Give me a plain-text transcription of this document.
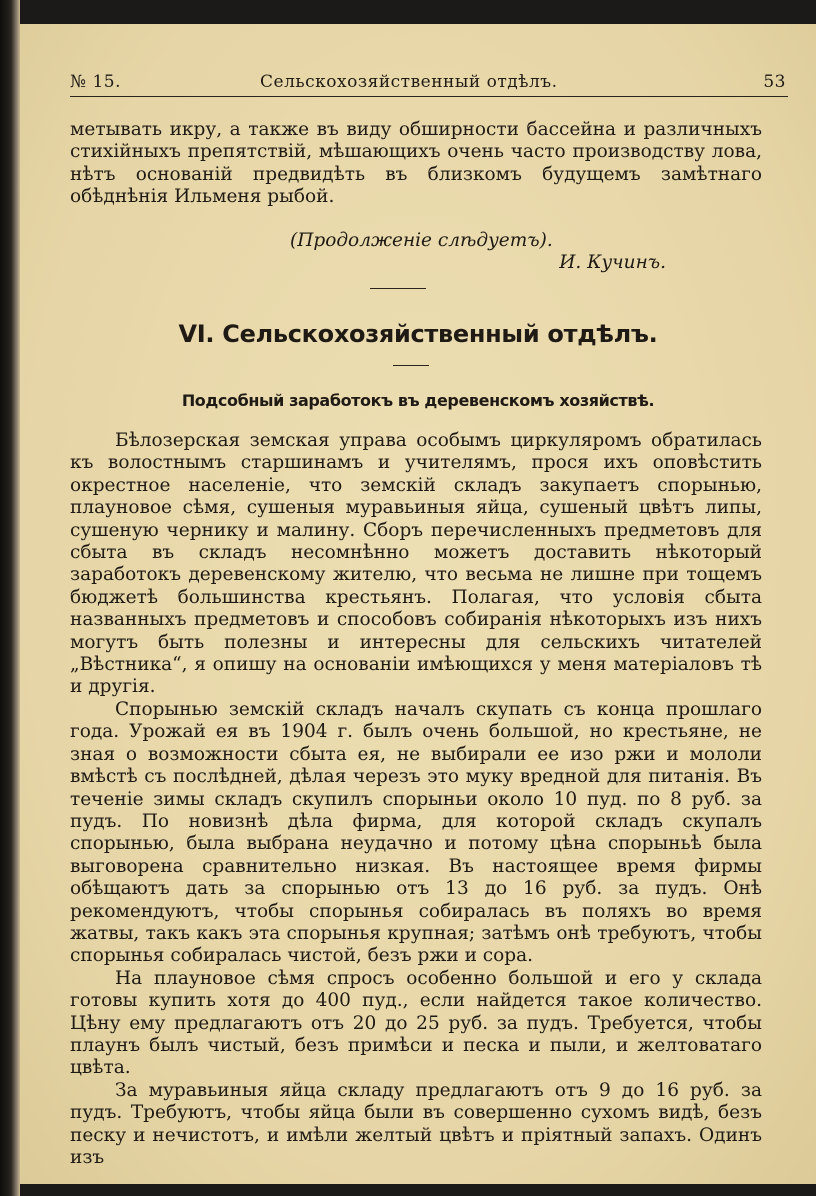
№ 15.	Сельскохозяйственный отдѣлъ.	53

метывать икру, а также въ виду обширности бассейна и различныхъ стихiйныхъ препятствiй, мѣшающихъ очень часто производству лова, нѣтъ основанiй предвидѣть въ близкомъ будущемъ замѣтнаго обѣднѣнiя Ильменя рыбой.

(Продолженiе слѣдуетъ).
И. Кучинъ.
VI. Сельскохозяйственный отдѣлъ.
Подсобный заработокъ въ деревенскомъ хозяйствѣ.

Бѣлозерская земская управа особымъ циркуляромъ обратилась къ волостнымъ старшинамъ и учителямъ, прося ихъ оповѣстить окрестное населенiе, что земскiй складъ закупаетъ спорынью, плауновое сѣмя, сушеныя муравьиныя яйца, сушеный цвѣтъ липы, сушеную чернику и малину. Сборъ перечисленныхъ предметовъ для сбыта въ складъ несомнѣнно можетъ доставить нѣкоторый заработокъ деревенскому жителю, что весьма не лишне при тощемъ бюджетѣ большинства крестьянъ. Полагая, что условiя сбыта названныхъ предметовъ и способовъ собиранiя нѣкоторыхъ изъ нихъ могутъ быть полезны и интересны для сельскихъ читателей „Вѣстника“, я опишу на основанiи имѣющихся у меня матерiаловъ тѣ и другiя.

Спорынью земскiй складъ началъ скупать съ конца прошлаго года. Урожай ея въ 1904 г. былъ очень большой, но крестьяне, не зная о возможности сбыта ея, не выбирали ее изо ржи и мололи вмѣстѣ съ послѣдней, дѣлая черезъ это муку вредной для питанiя. Въ теченiе зимы складъ скупилъ спорыньи около 10 пуд. по 8 руб. за пудъ. По новизнѣ дѣла фирма, для которой складъ скупалъ спорынью, была выбрана неудачно и потому цѣна спорыньѣ была выговорена сравнительно низкая. Въ настоящее время фирмы обѣщаютъ дать за спорынью отъ 13 до 16 руб. за пудъ. Онѣ рекомендуютъ, чтобы спорынья собиралась въ поляхъ во время жатвы, такъ какъ эта спорынья крупная; затѣмъ онѣ требуютъ, чтобы спорынья собиралась чистой, безъ ржи и сора.

На плауновое сѣмя спросъ особенно большой и его у склада готовы купить хотя до 400 пуд., если найдется такое количество. Цѣну ему предлагаютъ отъ 20 до 25 руб. за пудъ. Требуется, чтобы плаунъ былъ чистый, безъ примѣси и песка и пыли, и желтоватаго цвѣта.

За муравьиныя яйца складу предлагаютъ отъ 9 до 16 руб. за пудъ. Требуютъ, чтобы яйца были въ совершенно сухомъ видѣ, безъ песку и нечистотъ, и имѣли желтый цвѣтъ и прiятный запахъ. Одинъ изъ
